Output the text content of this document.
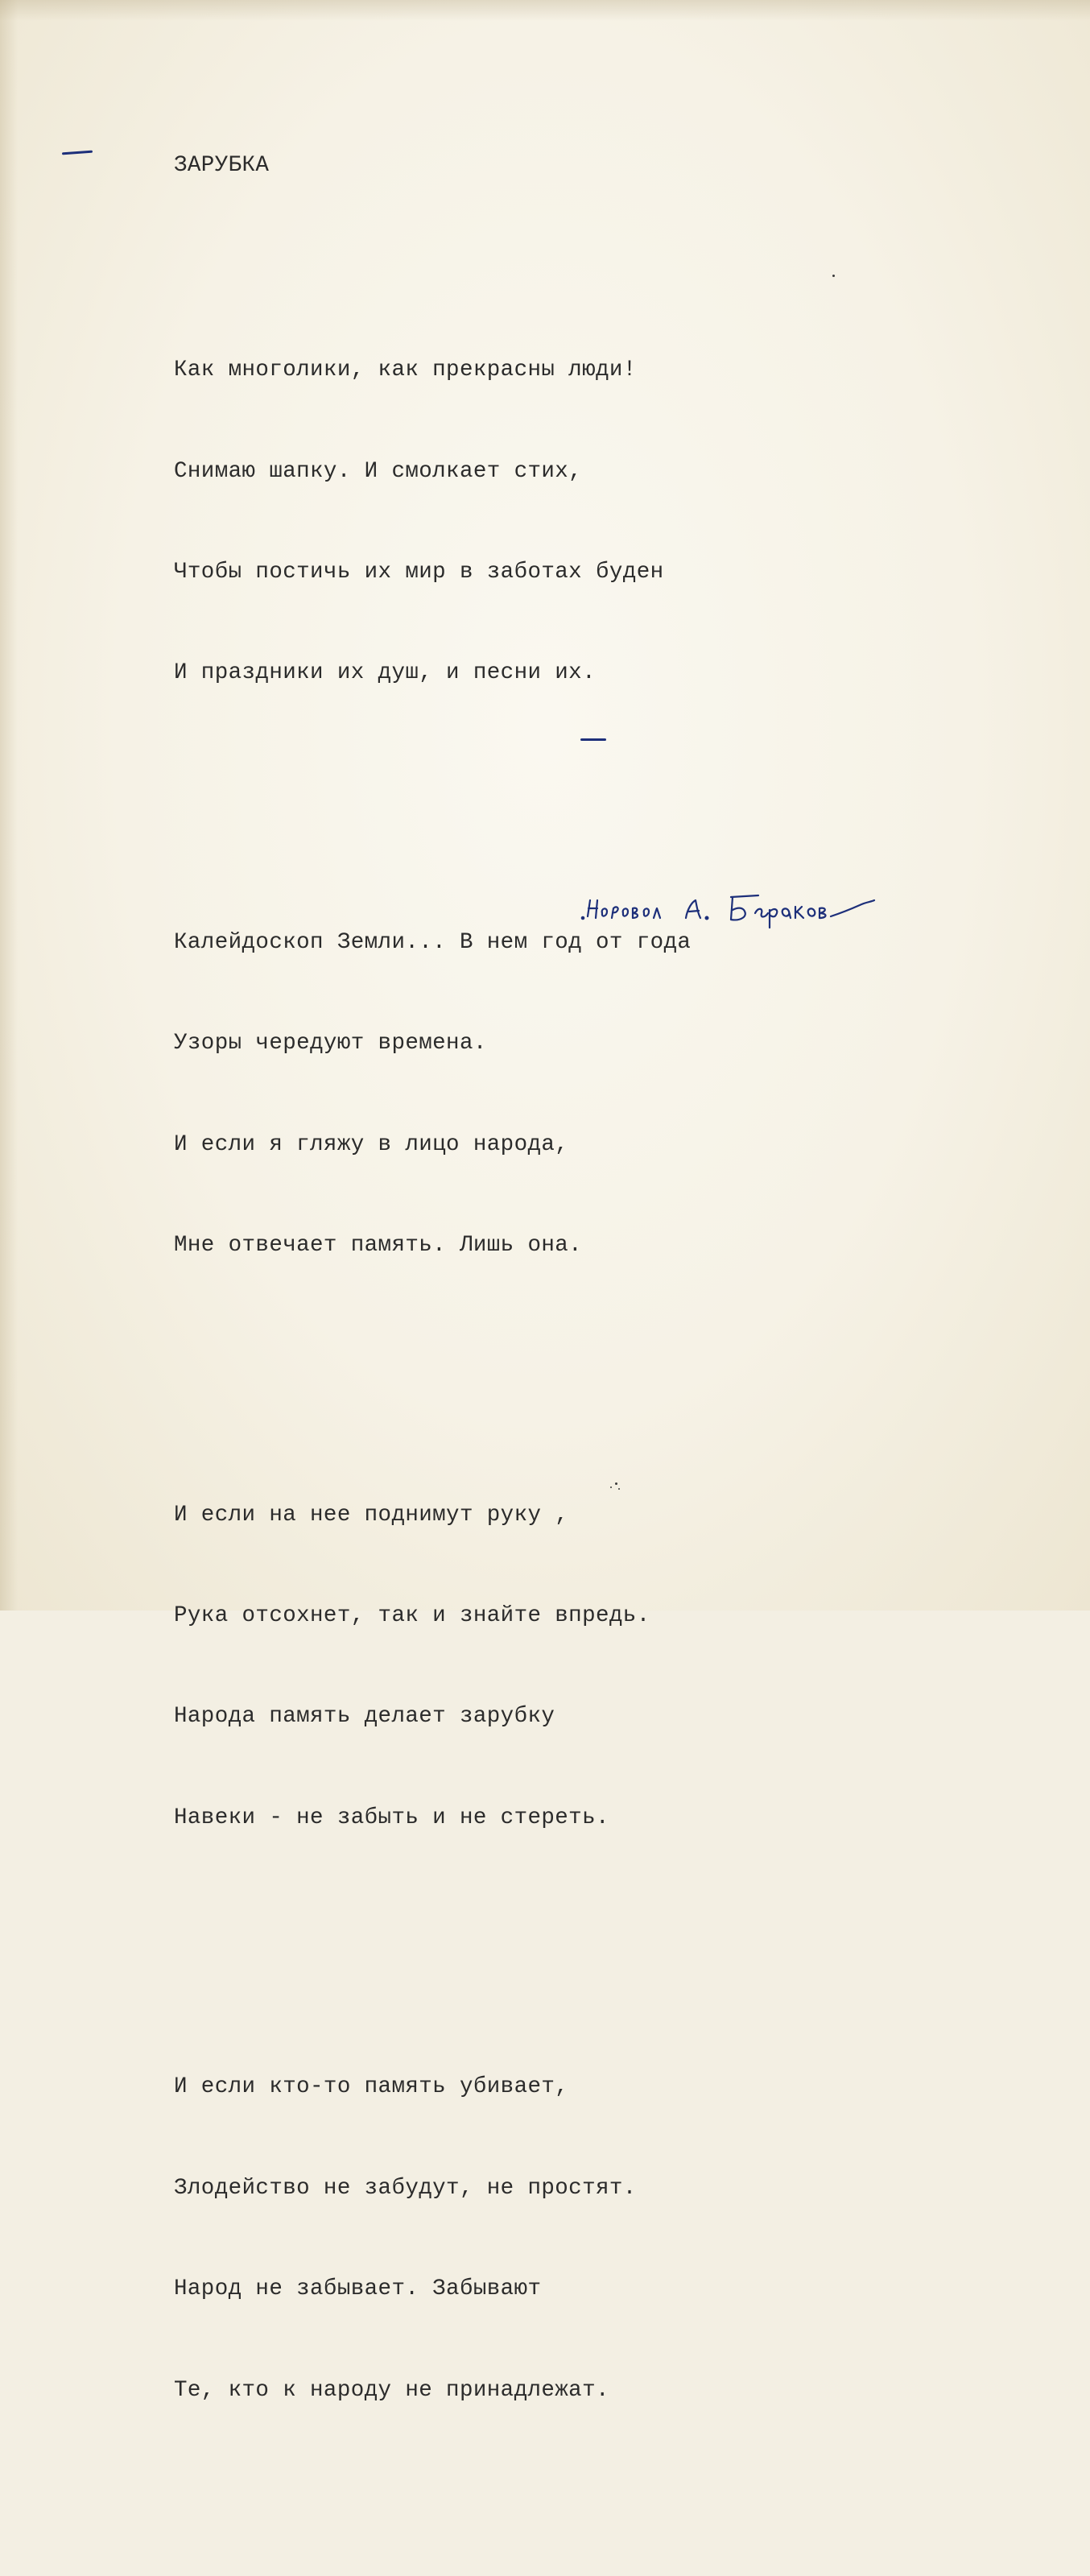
ЗАРУБКА

Как многолики, как прекрасны люди!

Снимаю шапку. И смолкает стих,

Чтобы постичь их мир в заботах буден

И праздники их душ, и песни их.

Калейдоскоп Земли... В нем год от года

Узоры чередуют времена.

И если я гляжу в лицо народа,

Мне отвечает память. Лишь она.

И если на нее поднимут руку ,

Рука отсохнет, так и знайте впредь.

Народа память делает зарубку

Навеки - не забыть и не стереть.

И если кто-то память убивает,

Злодейство не забудут, не простят.

Народ не забывает. Забывают

Те, кто к народу не принадлежат.
